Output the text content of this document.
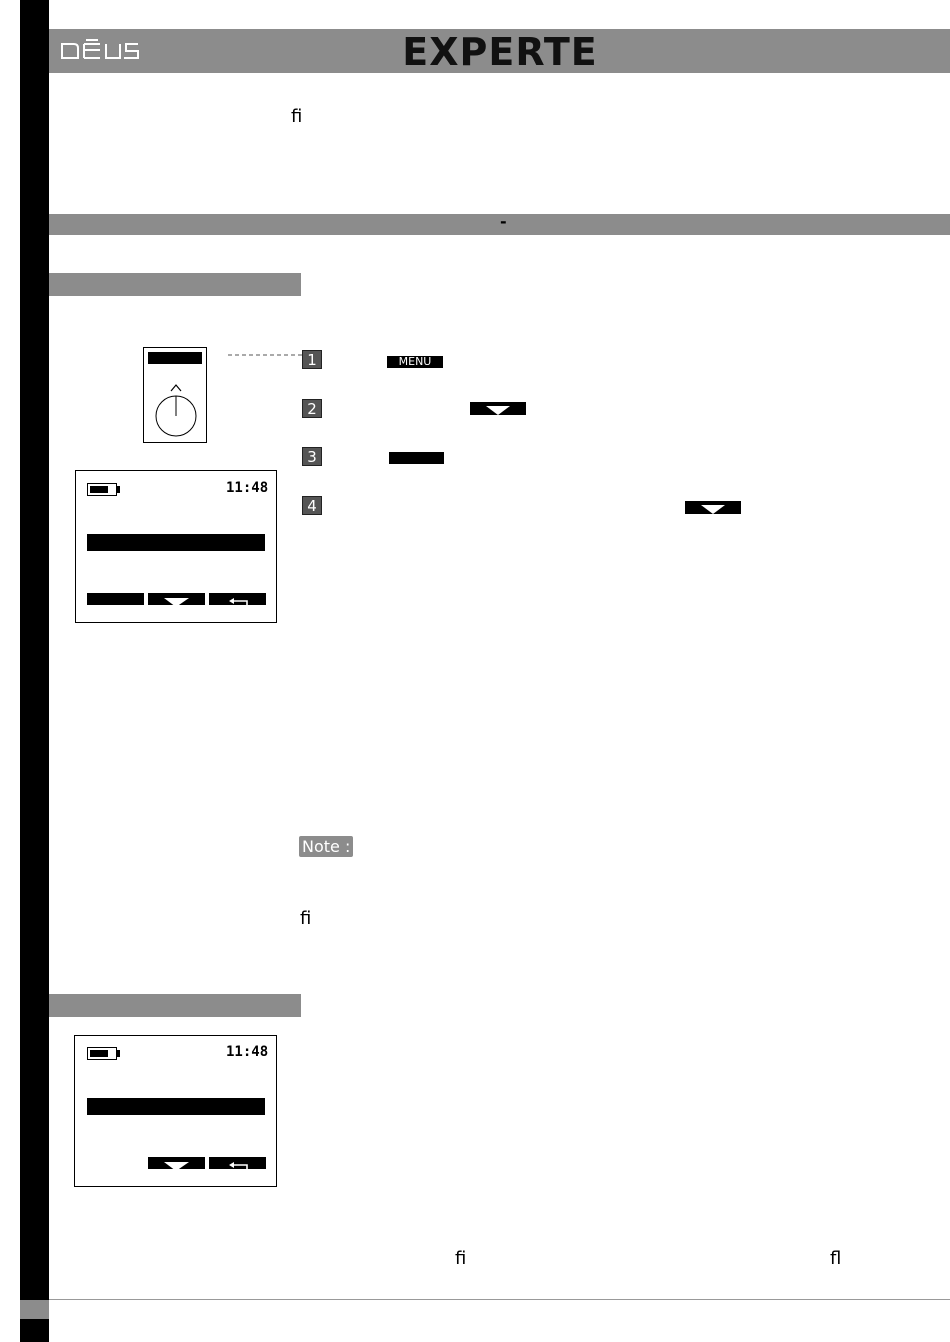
EXPERTE
ﬁ
-
1	MENU
2
3
4
11:48
Note :
ﬁ
11:48
ﬁ	ﬂ
